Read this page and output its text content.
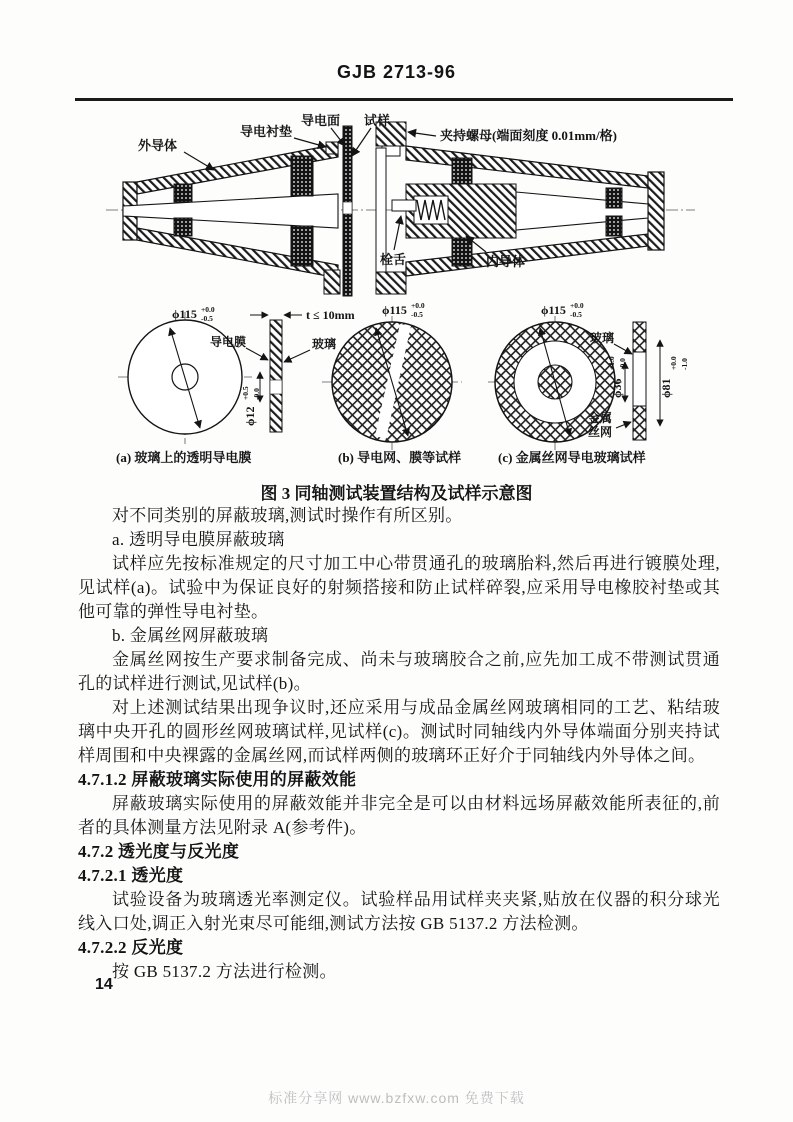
GJB 2713-96
外导体
导电衬垫
导电面 试样
夹持螺母(端面刻度 0.01mm/格)
栓舌	内导体
ϕ115 +0.0
-0.5	t ≤ 10mm
导电膜	玻璃
ϕ12
+0.5 -0.0
(a) 玻璃上的透明导电膜
ϕ115 +0.0
-0.5
(b) 导电网、膜等试样
ϕ115 +0.0
-0.5
玻璃
ϕ36
+1.0 -0.0
ϕ81
+0.0 -1.0
金属
丝网
(c) 金属丝网导电玻璃试样
图 3 同轴测试装置结构及试样示意图

对不同类别的屏蔽玻璃,测试时操作有所区别。

a. 透明导电膜屏蔽玻璃

试样应先按标准规定的尺寸加工中心带贯通孔的玻璃胎料,然后再进行镀膜处理,见试样(a)。试验中为保证良好的射频搭接和防止试样碎裂,应采用导电橡胶衬垫或其他可靠的弹性导电衬垫。

b. 金属丝网屏蔽玻璃

金属丝网按生产要求制备完成、尚未与玻璃胶合之前,应先加工成不带测试贯通孔的试样进行测试,见试样(b)。

对上述测试结果出现争议时,还应采用与成品金属丝网玻璃相同的工艺、粘结玻璃中央开孔的圆形丝网玻璃试样,见试样(c)。测试时同轴线内外导体端面分别夹持试样周围和中央裸露的金属丝网,而试样两侧的玻璃环正好介于同轴线内外导体之间。

4.7.1.2 屏蔽玻璃实际使用的屏蔽效能

屏蔽玻璃实际使用的屏蔽效能并非完全是可以由材料远场屏蔽效能所表征的,前者的具体测量方法见附录 A(参考件)。

4.7.2 透光度与反光度

4.7.2.1 透光度

试验设备为玻璃透光率测定仪。试验样品用试样夹夹紧,贴放在仪器的积分球光线入口处,调正入射光束尽可能细,测试方法按 GB 5137.2 方法检测。

4.7.2.2 反光度

按 GB 5137.2 方法进行检测。

14
标准分享网 www.bzfxw.com 免费下载
